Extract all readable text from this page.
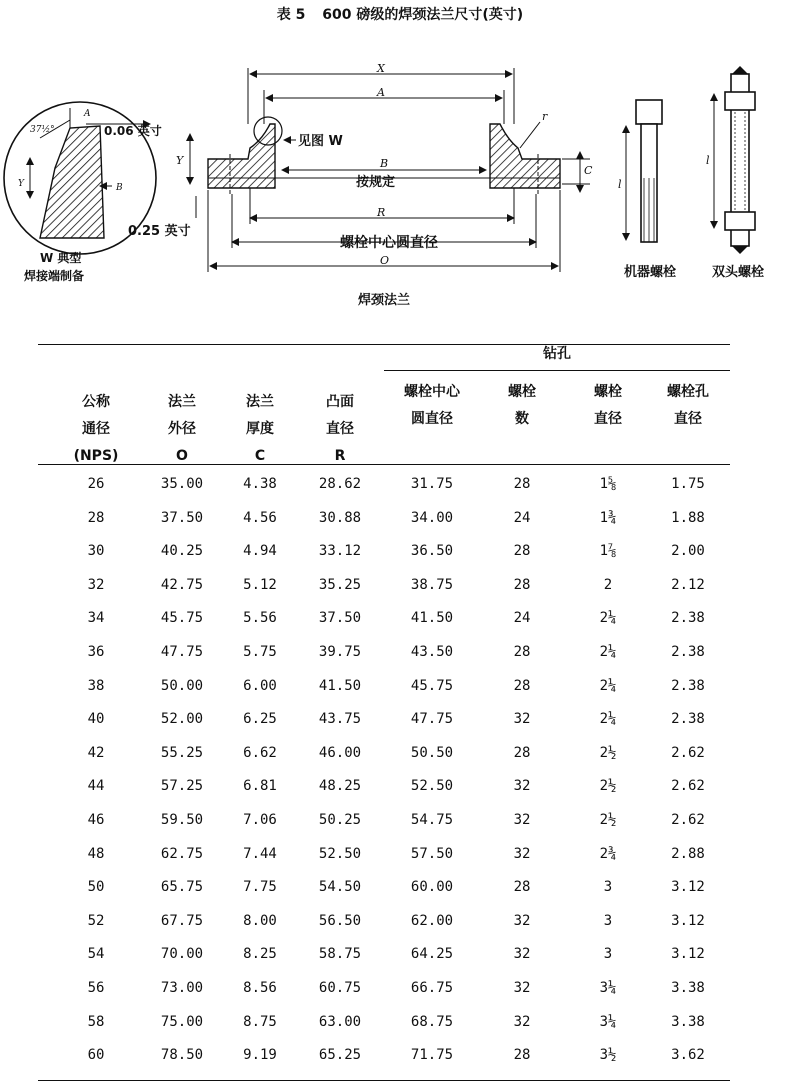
表 5 600 磅级的焊颈法兰尺寸(英寸)
37½°
A
Y	B
0.06 英寸
W 典型
焊接端制备
X
A
Y
r
见图 W
B
按规定
C
R
螺栓中心圆直径
O
0.25 英寸
焊颈法兰
l
机器螺栓
l
双头螺栓
钻孔
公称
通径
(NPS)
法兰
外径
O
法兰
厚度
C
凸面
直径
R
螺栓中心
圆直径
螺栓
数
螺栓
直径
螺栓孔
直径
26	35.00	4.38	28.62	31.75	28	1⅝	1.75
28	37.50	4.56	30.88	34.00	24	1¾	1.88
30	40.25	4.94	33.12	36.50	28	1⅞	2.00
32	42.75	5.12	35.25	38.75	28	2	2.12
34	45.75	5.56	37.50	41.50	24	2¼	2.38
36	47.75	5.75	39.75	43.50	28	2¼	2.38
38	50.00	6.00	41.50	45.75	28	2¼	2.38
40	52.00	6.25	43.75	47.75	32	2¼	2.38
42	55.25	6.62	46.00	50.50	28	2½	2.62
44	57.25	6.81	48.25	52.50	32	2½	2.62
46	59.50	7.06	50.25	54.75	32	2½	2.62
48	62.75	7.44	52.50	57.50	32	2¾	2.88
50	65.75	7.75	54.50	60.00	28	3	3.12
52	67.75	8.00	56.50	62.00	32	3	3.12
54	70.00	8.25	58.75	64.25	32	3	3.12
56	73.00	8.56	60.75	66.75	32	3¼	3.38
58	75.00	8.75	63.00	68.75	32	3¼	3.38
60	78.50	9.19	65.25	71.75	28	3½	3.62
